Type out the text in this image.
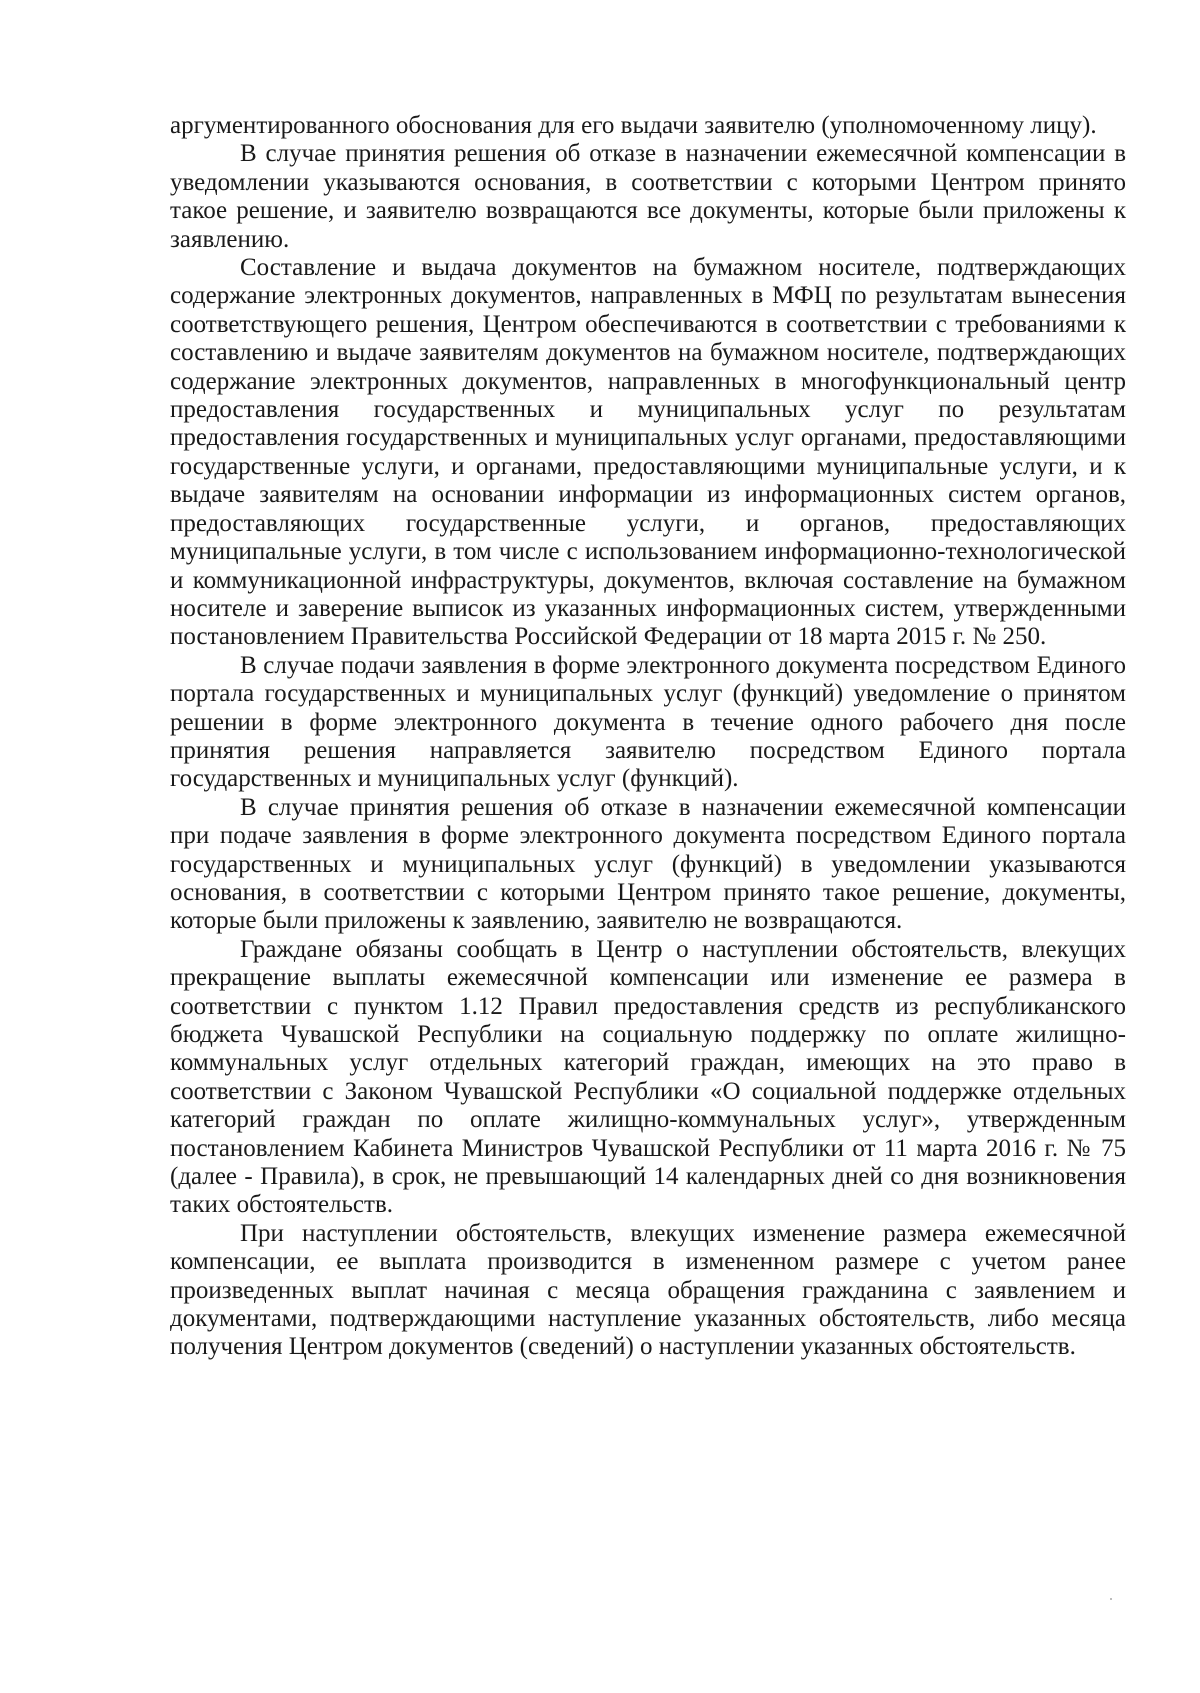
аргументированного обоснования для его выдачи заявителю (уполномоченному лицу).

В случае принятия решения об отказе в назначении ежемесячной компенсации в уведомлении указываются основания, в соответствии с которыми Центром принято такое решение, и заявителю возвращаются все документы, которые были приложены к заявлению.

Составление и выдача документов на бумажном носителе, подтверждающих содержание электронных документов, направленных в МФЦ по результатам вынесения соответствующего решения, Центром обеспечиваются в соответствии с требованиями к составлению и выдаче заявителям документов на бумажном носителе, подтверждающих содержание электронных документов, направленных в многофункциональный центр предоставления государственных и муниципальных услуг по результатам предоставления государственных и муниципальных услуг органами, предоставляющими государственные услуги, и органами, предоставляющими муниципальные услуги, и к выдаче заявителям на основании информации из информационных систем органов, предоставляющих государственные услуги, и органов, предоставляющих муниципальные услуги, в том числе с использованием информационно-технологической и коммуникационной инфраструктуры, документов, включая составление на бумажном носителе и заверение выписок из указанных информационных систем, утвержденными постановлением Правительства Российской Федерации от 18 марта 2015 г. № 250.

В случае подачи заявления в форме электронного документа посредством Единого портала государственных и муниципальных услуг (функций) уведомление о принятом решении в форме электронного документа в течение одного рабочего дня после принятия решения направляется заявителю посредством Единого портала государственных и муниципальных услуг (функций).

В случае принятия решения об отказе в назначении ежемесячной компенсации при подаче заявления в форме электронного документа посредством Единого портала государственных и муниципальных услуг (функций) в уведомлении указываются основания, в соответствии с которыми Центром принято такое решение, документы, которые были приложены к заявлению, заявителю не возвращаются.

Граждане обязаны сообщать в Центр о наступлении обстоятельств, влекущих прекращение выплаты ежемесячной компенсации или изменение ее размера в соответствии с пунктом 1.12 Правил предоставления средств из республиканского бюджета Чувашской Республики на социальную поддержку по оплате жилищно-коммунальных услуг отдельных категорий граждан, имеющих на это право в соответствии с Законом Чувашской Республики «О социальной поддержке отдельных категорий граждан по оплате жилищно-коммунальных услуг», утвержденным постановлением Кабинета Министров Чувашской Республики от 11 марта 2016 г. № 75 (далее - Правила), в срок, не превышающий 14 календарных дней со дня возникновения таких обстоятельств.

При наступлении обстоятельств, влекущих изменение размера ежемесячной компенсации, ее выплата производится в измененном размере с учетом ранее произведенных выплат начиная с месяца обращения гражданина с заявлением и документами, подтверждающими наступление указанных обстоятельств, либо месяца получения Центром документов (сведений) о наступлении указанных обстоятельств.
